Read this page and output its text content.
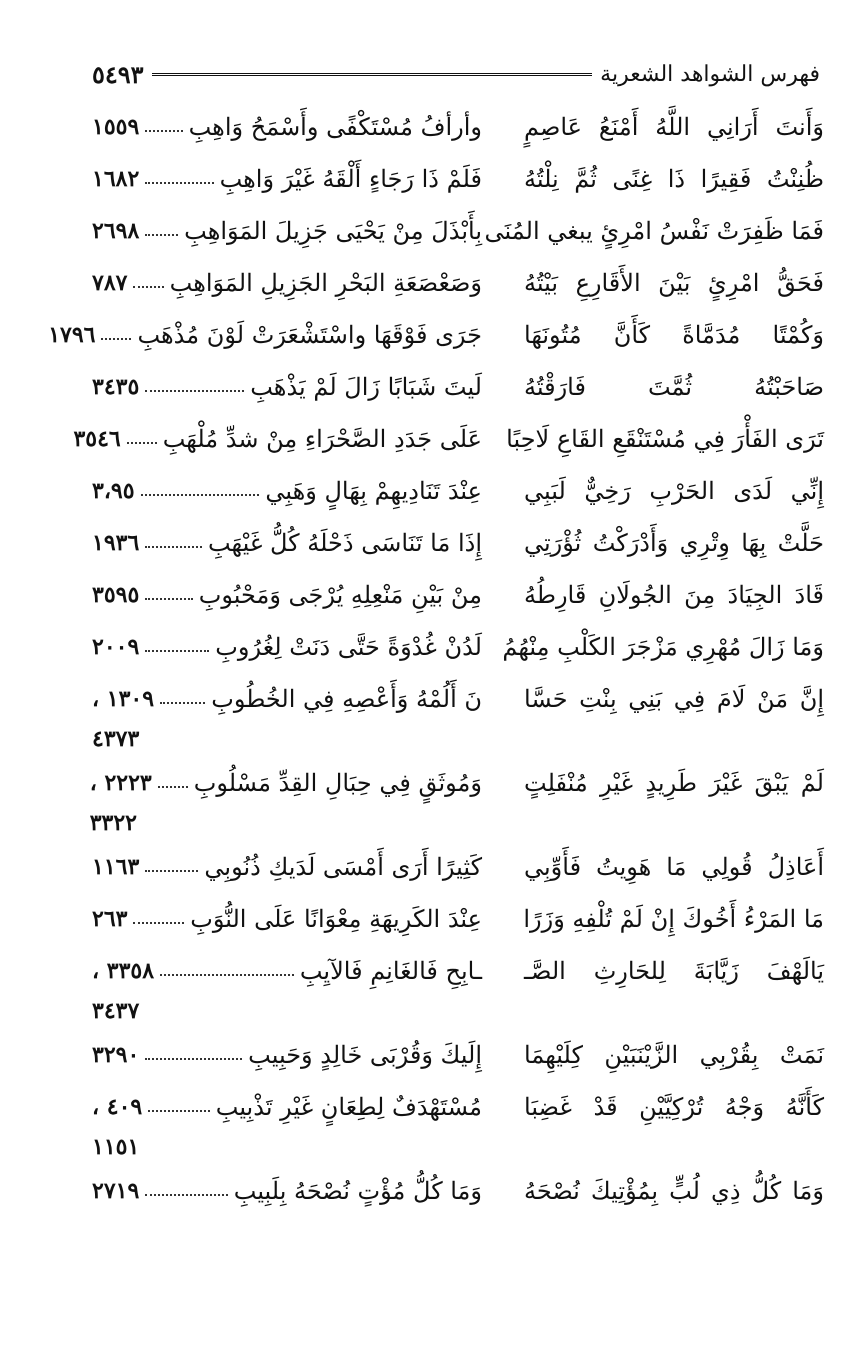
فهرس الشواهد الشعرية
٥٤٩٣
وَأَنتَ أَرَانِي اللَّهُ أَمْنَعُ عَاصِمٍ
وأرأفُ مُسْتَكْفًى وأَسْمَحُ وَاهِبِ
١٥٥٩
ظُنِنْتُ فَقِيرًا ذَا غِنًى ثُمَّ نِلْتُهُ
فَلَمْ ذَا رَجَاءٍ أَلْقَهُ غَيْرَ وَاهِبِ
١٦٨٢
فَمَا ظَفِرَتْ نَفْسُ امْرِئٍ يبغي المُنَى
بِأَبْذَلَ مِنْ يَحْيَى جَزِيلَ المَوَاهِبِ
٢٦٩٨
فَحَقُّ امْرِئٍ بَيْنَ الأَقَارِعِ بَيْتُهُ
وَصَعْصَعَةِ البَحْرِ الجَزِيلِ المَوَاهِبِ
٧٨٧
وَكُمْتًا مُدَمَّاةً كَأَنَّ مُتُونَهَا
جَرَى فَوْقَهَا واسْتَشْعَرَتْ لَوْنَ مُذْهَبِ
١٧٩٦
صَاحَبْتُهُ ثُمَّتَ فَارَقْتُهُ
لَيتَ شَبَابًا زَالَ لَمْ يَذْهَبِ
٣٤٣٥
تَرَى الفَأْرَ فِي مُسْتَنْقَعِ القَاعِ لَاحِبًا
عَلَى جَدَدِ الصَّحْرَاءِ مِنْ شدِّ مُلْهَبِ
٣٥٤٦
إِنِّي لَدَى الحَرْبِ رَخِيٌّ لَبَبِي
عِنْدَ تَنَادِيهِمْ بِهَالٍ وَهَبِي
٣،٩٥
حَلَّتْ بِهَا وِتْرِي وَأَدْرَكْتُ ثُؤْرَتِي
إِذَا مَا تَنَاسَى ذَحْلَهُ كُلُّ غَيْهَبِ
١٩٣٦
قَادَ الجِيَادَ مِنَ الجُولَانِ قَارِطُهُ
مِنْ بَيْنِ مَنْعِلِهِ يُرْجَى وَمَحْبُوبِ
٣٥٩٥
وَمَا زَالَ مُهْرِي مَزْجَرَ الكَلْبِ مِنْهُمُ
لَدُنْ غُدْوَةً حَتَّى دَنَتْ لِغُرُوبِ
٢٠٠٩
إِنَّ مَنْ لَامَ فِي بَنِي بِنْتِ حَسَّا
نَ أَلُمْهُ وَأَعْصِهِ فِي الخُطُوبِ
١٣٠٩ ،
٤٣٧٣
لَمْ يَبْقَ غَيْرَ طَرِيدٍ غَيْرِ مُنْفَلِتٍ
وَمُوثَقٍ فِي حِبَالِ القِدِّ مَسْلُوبِ
٢٢٢٣ ،
٣٣٢٢
أَعَاذِلُ قُولِي مَا هَوِيتُ فَأَوِّبِي
كَثِيرًا أَرَى أَمْسَى لَدَيكِ ذُنُوبِي
١١٦٣
مَا المَرْءُ أَخُوكَ إِنْ لَمْ تُلْفِهِ وَزَرًا
عِنْدَ الكَرِيهَةِ مِعْوَانًا عَلَى النُّوَبِ
٢٦٣
يَالَهْفَ زَيَّابَةَ لِلحَارِثِ الصَّـ
ـابِحِ فَالغَانِمِ فَالآيِبِ
٣٣٥٨ ،
٣٤٣٧
نَمَتْ بِقُرْبِي الزَّيْنَبَيْنِ كِلَيْهِمَا
إِلَيكَ وَقُرْبَى خَالِدٍ وَحَبِيبِ
٣٢٩٠
كَأَنَّهُ وَجْهُ تُرْكِيَّيْنِ قَدْ غَضِبَا
مُسْتَهْدَفٌ لِطِعَانٍ غَيْرِ تَذْبِيبِ
٤٠٩ ،
١١٥١
وَمَا كُلُّ ذِي لُبٍّ بِمُؤْتِيكَ نُصْحَهُ
وَمَا كُلُّ مُؤْتٍ نُصْحَهُ بِلَبِيبِ
٢٧١٩
